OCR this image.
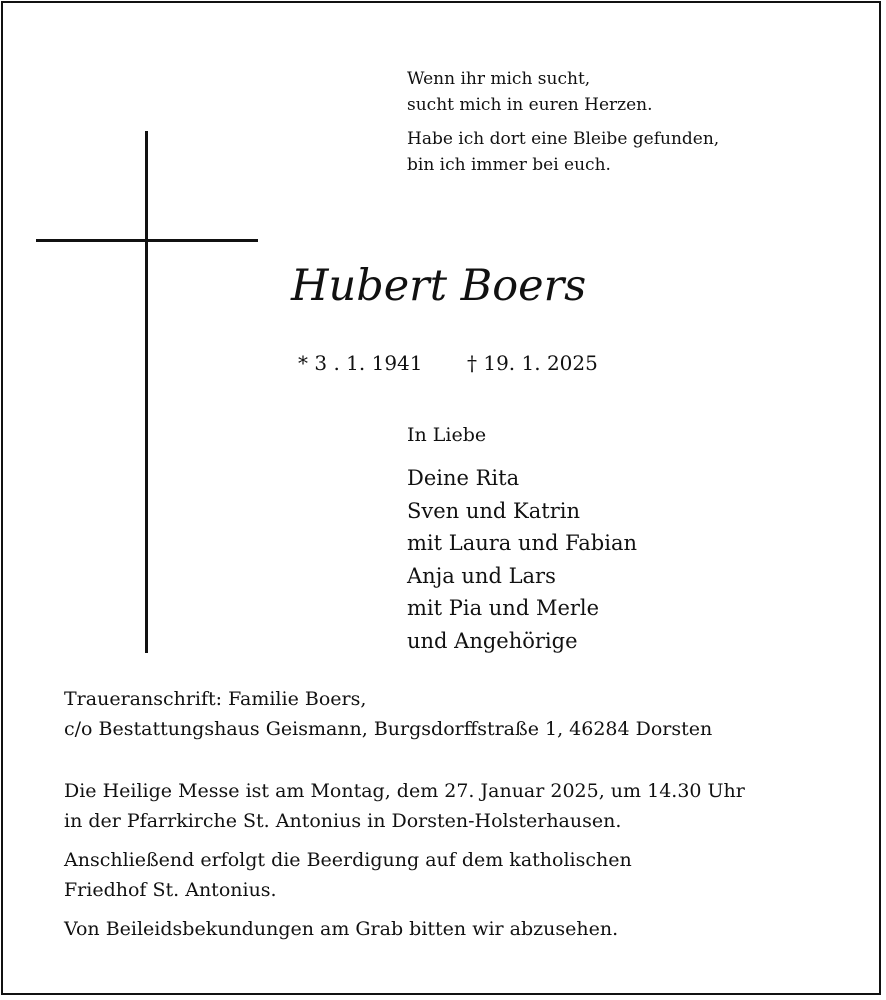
Wenn ihr mich sucht,
sucht mich in euren Herzen.
Habe ich dort eine Bleibe gefunden,
bin ich immer bei euch.
Hubert Boers
* 3 . 1. 1941 † 19. 1. 2025
In Liebe
Deine Rita
Sven und Katrin
mit Laura und Fabian
Anja und Lars
mit Pia und Merle
und Angehörige
Traueranschrift: Familie Boers,
c/o Bestattungshaus Geismann, Burgsdorffstraße 1, 46284 Dorsten
Die Heilige Messe ist am Montag, dem 27. Januar 2025, um 14.30 Uhr
in der Pfarrkirche St. Antonius in Dorsten-Holsterhausen.
Anschließend erfolgt die Beerdigung auf dem katholischen
Friedhof St. Antonius.
Von Beileidsbekundungen am Grab bitten wir abzusehen.
